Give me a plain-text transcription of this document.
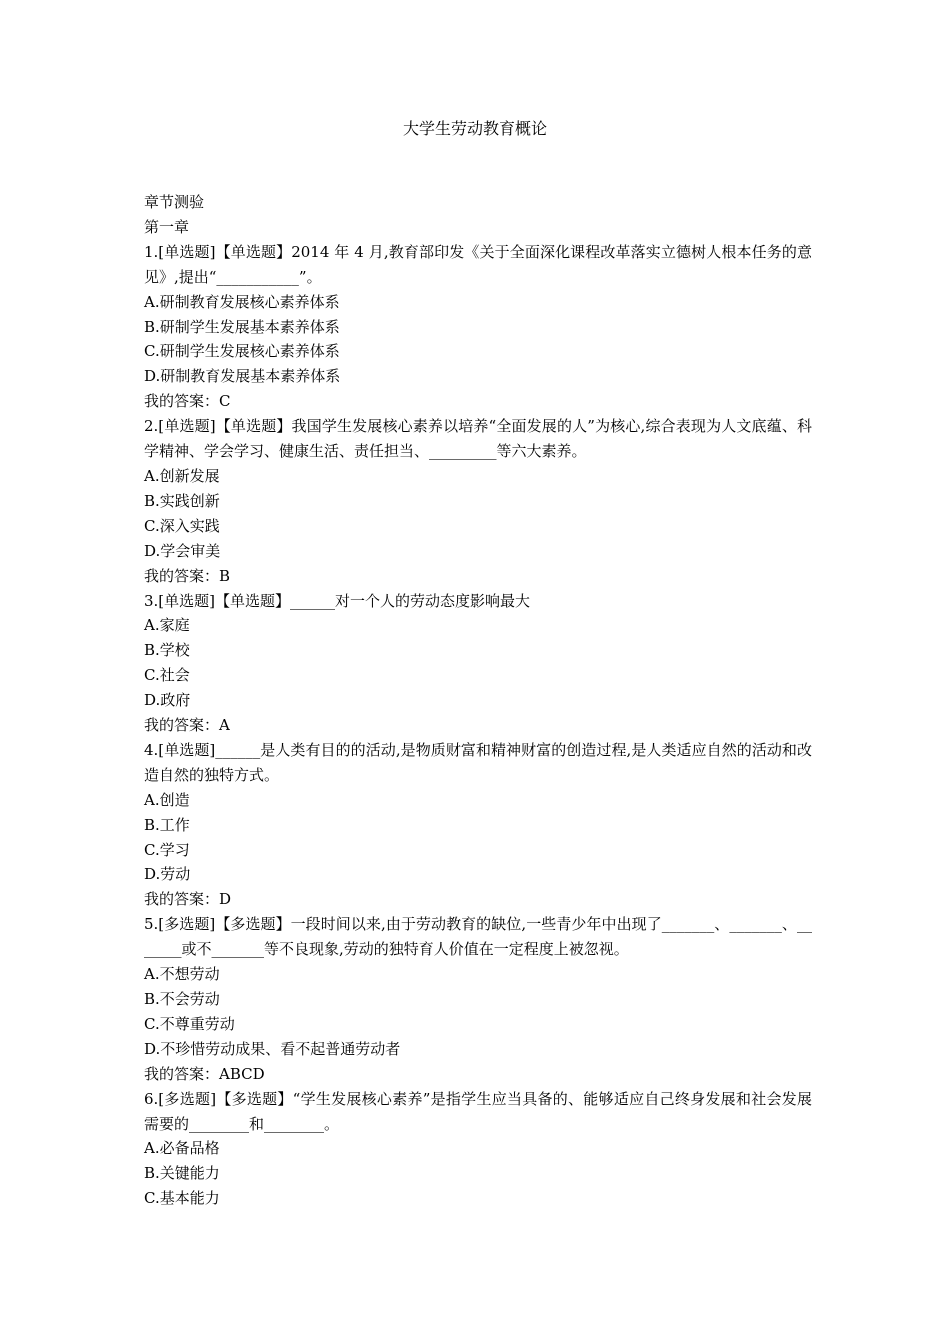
大学生劳动教育概论

章节测验

第一章

1.[单选题]【单选题】2014 年 4 月,教育部印发《关于全面深化课程改革落实立德树人根本任务的意见》,提出“___________”。

A.研制教育发展核心素养体系

B.研制学生发展基本素养体系

C.研制学生发展核心素养体系

D.研制教育发展基本素养体系

我的答案：C

2.[单选题]【单选题】我国学生发展核心素养以培养“全面发展的人”为核心,综合表现为人文底蕴、科学精神、学会学习、健康生活、责任担当、_________等六大素养。

A.创新发展

B.实践创新

C.深入实践

D.学会审美

我的答案：B

3.[单选题]【单选题】______对一个人的劳动态度影响最大

A.家庭

B.学校

C.社会

D.政府

我的答案：A

4.[单选题]______是人类有目的的活动,是物质财富和精神财富的创造过程,是人类适应自然的活动和改造自然的独特方式。

A.创造

B.工作

C.学习

D.劳动

我的答案：D

5.[多选题]【多选题】一段时间以来,由于劳动教育的缺位,一些青少年中出现了_______、_______、_______或不_______等不良现象,劳动的独特育人价值在一定程度上被忽视。

A.不想劳动

B.不会劳动

C.不尊重劳动

D.不珍惜劳动成果、看不起普通劳动者

我的答案：ABCD

6.[多选题]【多选题】“学生发展核心素养”是指学生应当具备的、能够适应自己终身发展和社会发展需要的________和________。

A.必备品格

B.关键能力

C.基本能力
